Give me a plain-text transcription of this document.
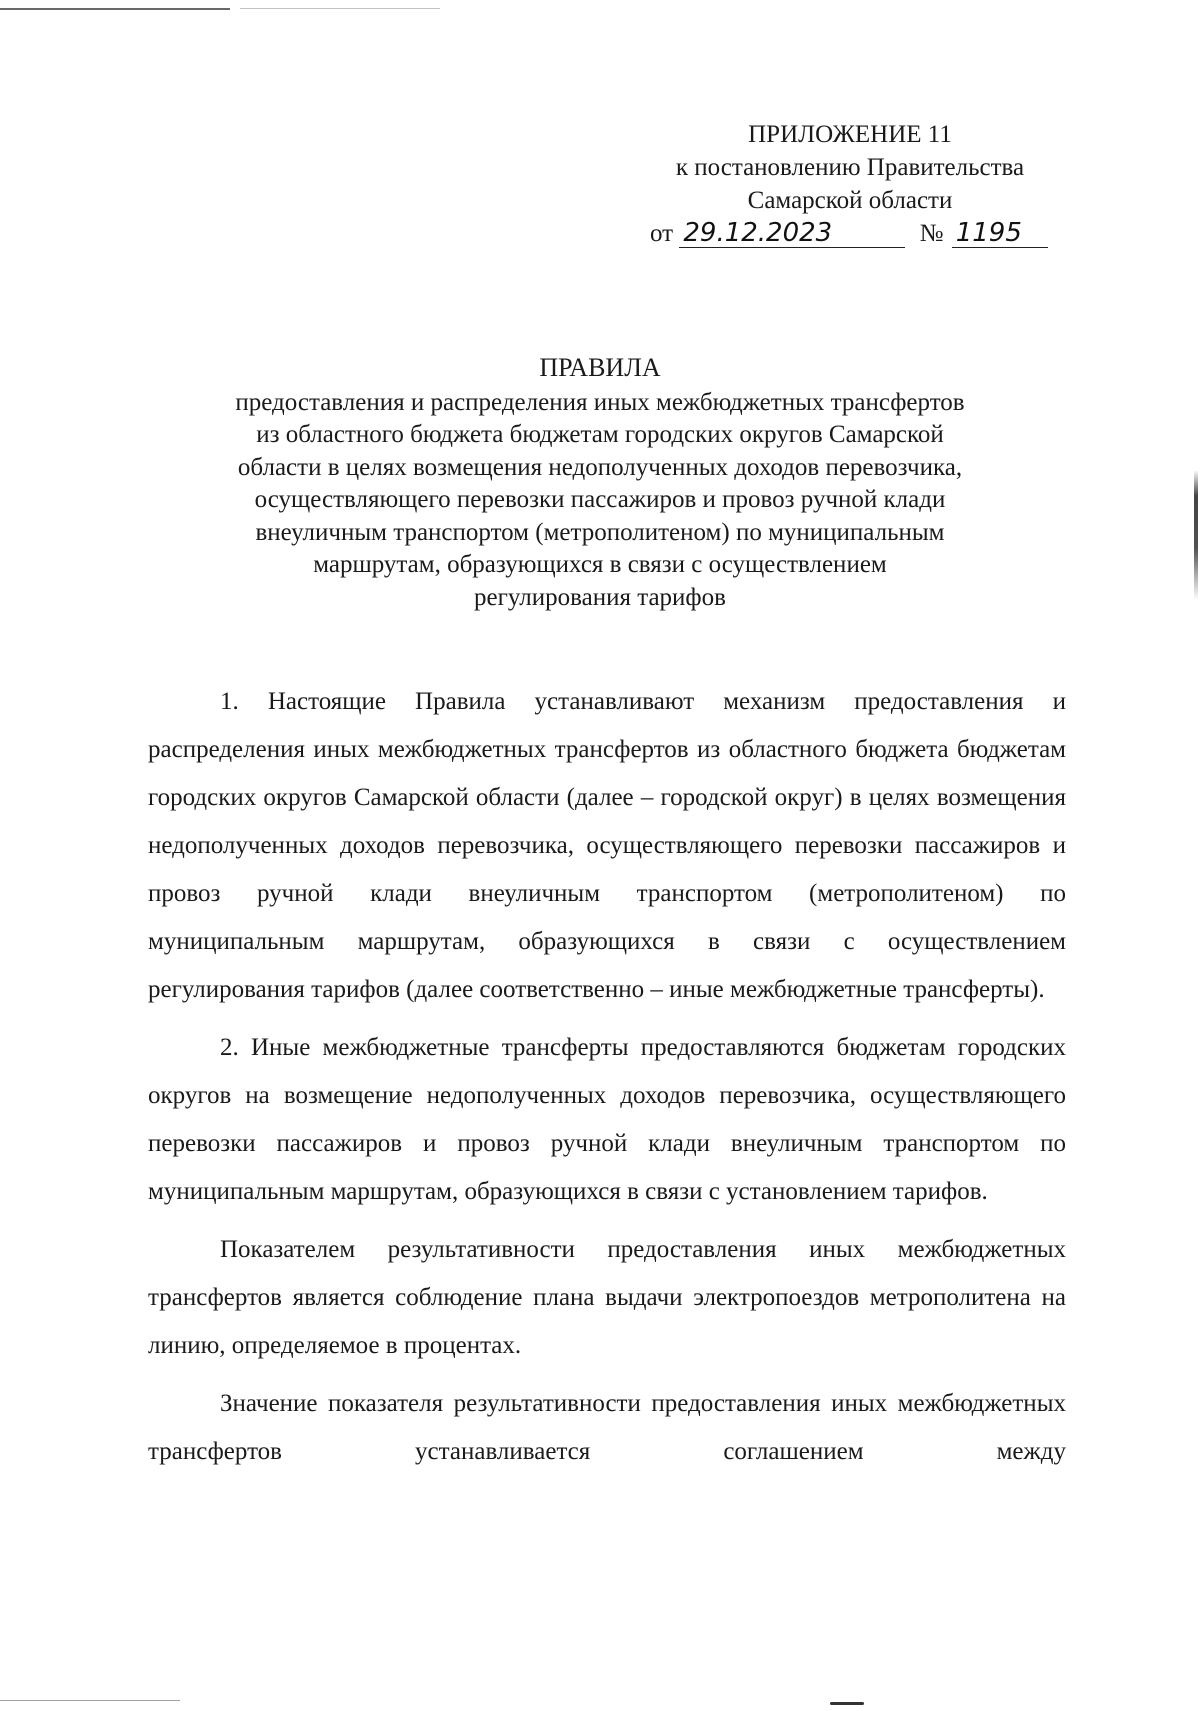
ПРИЛОЖЕНИЕ 11
к постановлению Правительства
Самарской области
от 29.12.2023	№ 1195
ПРАВИЛА
предоставления и распределения иных межбюджетных трансфертов
из областного бюджета бюджетам городских округов Самарской
области в целях возмещения недополученных доходов перевозчика,
осуществляющего перевозки пассажиров и провоз ручной клади
внеуличным транспортом (метрополитеном) по муниципальным
маршрутам, образующихся в связи с осуществлением
регулирования тарифов

1. Настоящие Правила устанавливают механизм предоставления и распределения иных межбюджетных трансфертов из областного бюджета бюджетам городских округов Самарской области (далее – городской округ) в целях возмещения недополученных доходов перевозчика, осуществляющего перевозки пассажиров и провоз ручной клади внеуличным транспортом (метрополитеном) по муниципальным маршрутам, образующихся в связи с осуществлением регулирования тарифов (далее соответственно – иные межбюджетные трансферты).

2. Иные межбюджетные трансферты предоставляются бюджетам городских округов на возмещение недополученных доходов перевозчика, осуществляющего перевозки пассажиров и провоз ручной клади внеуличным транспортом по муниципальным маршрутам, образующихся в связи с установлением тарифов.

Показателем результативности предоставления иных межбюджетных трансфертов является соблюдение плана выдачи электропоездов метрополитена на линию, определяемое в процентах.

Значение показателя результативности предоставления иных межбюджетных трансфертов устанавливается соглашением между
